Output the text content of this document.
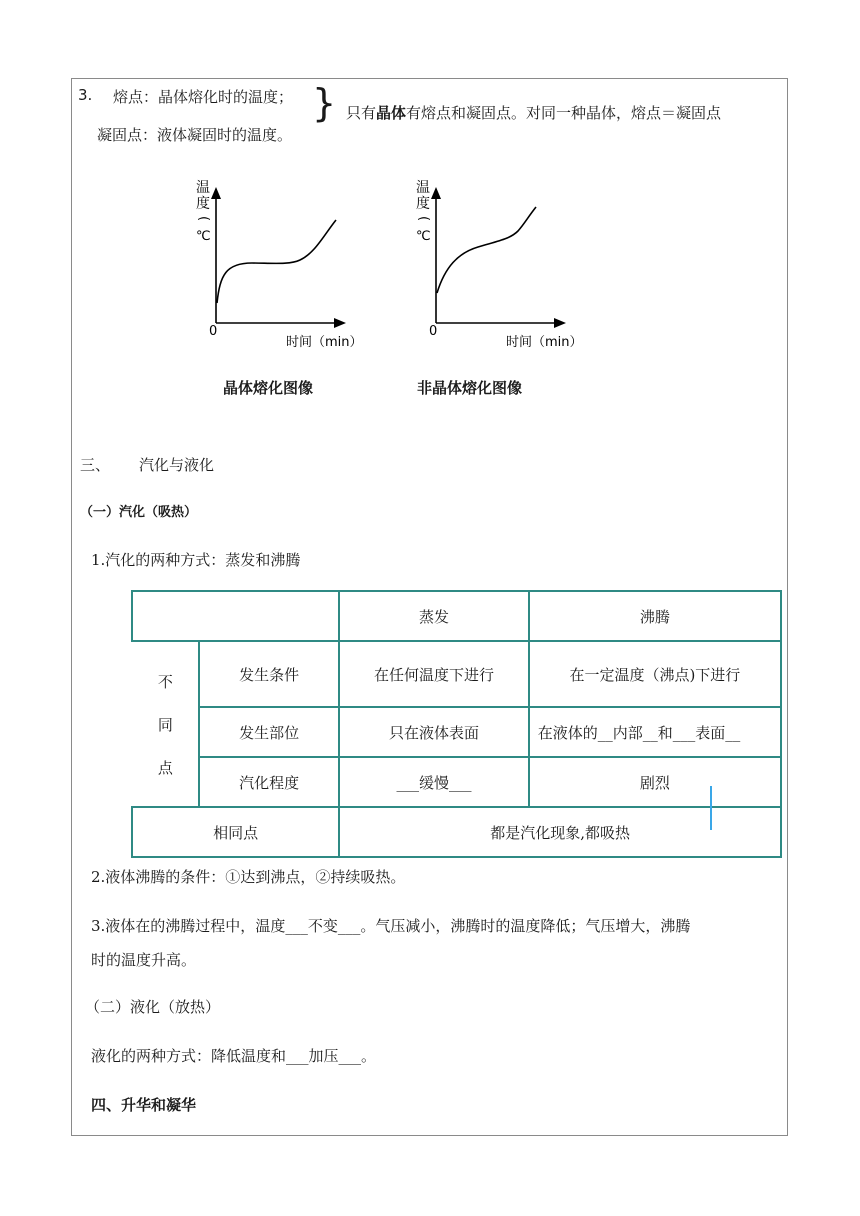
3. 熔点：晶体熔化时的温度；
凝固点：液体凝固时的温度。
} 只有晶体有熔点和凝固点。对同一种晶体，熔点＝凝固点
温
度
(
℃
0
时间（min）
晶体熔化图像
温
度
(
℃
0
时间（min）
非晶体熔化图像
三、 汽化与液化
（一）汽化（吸热）
1.汽化的两种方式：蒸发和沸腾
		蒸发	沸腾

不
同
点	发生条件	在任何温度下进行	在一定温度（沸点)下进行
	发生部位	只在液体表面	在液体的__内部__和___表面__
	汽化程度	___缓慢___	剧烈
相同点		都是汽化现象,都吸热	
2.液体沸腾的条件：①达到沸点，②持续吸热。
3.液体在的沸腾过程中，温度___不变___。气压减小，沸腾时的温度降低；气压增大，沸腾
时的温度升高。
（二）液化（放热）
液化的两种方式：降低温度和___加压___。
四、升华和凝华
